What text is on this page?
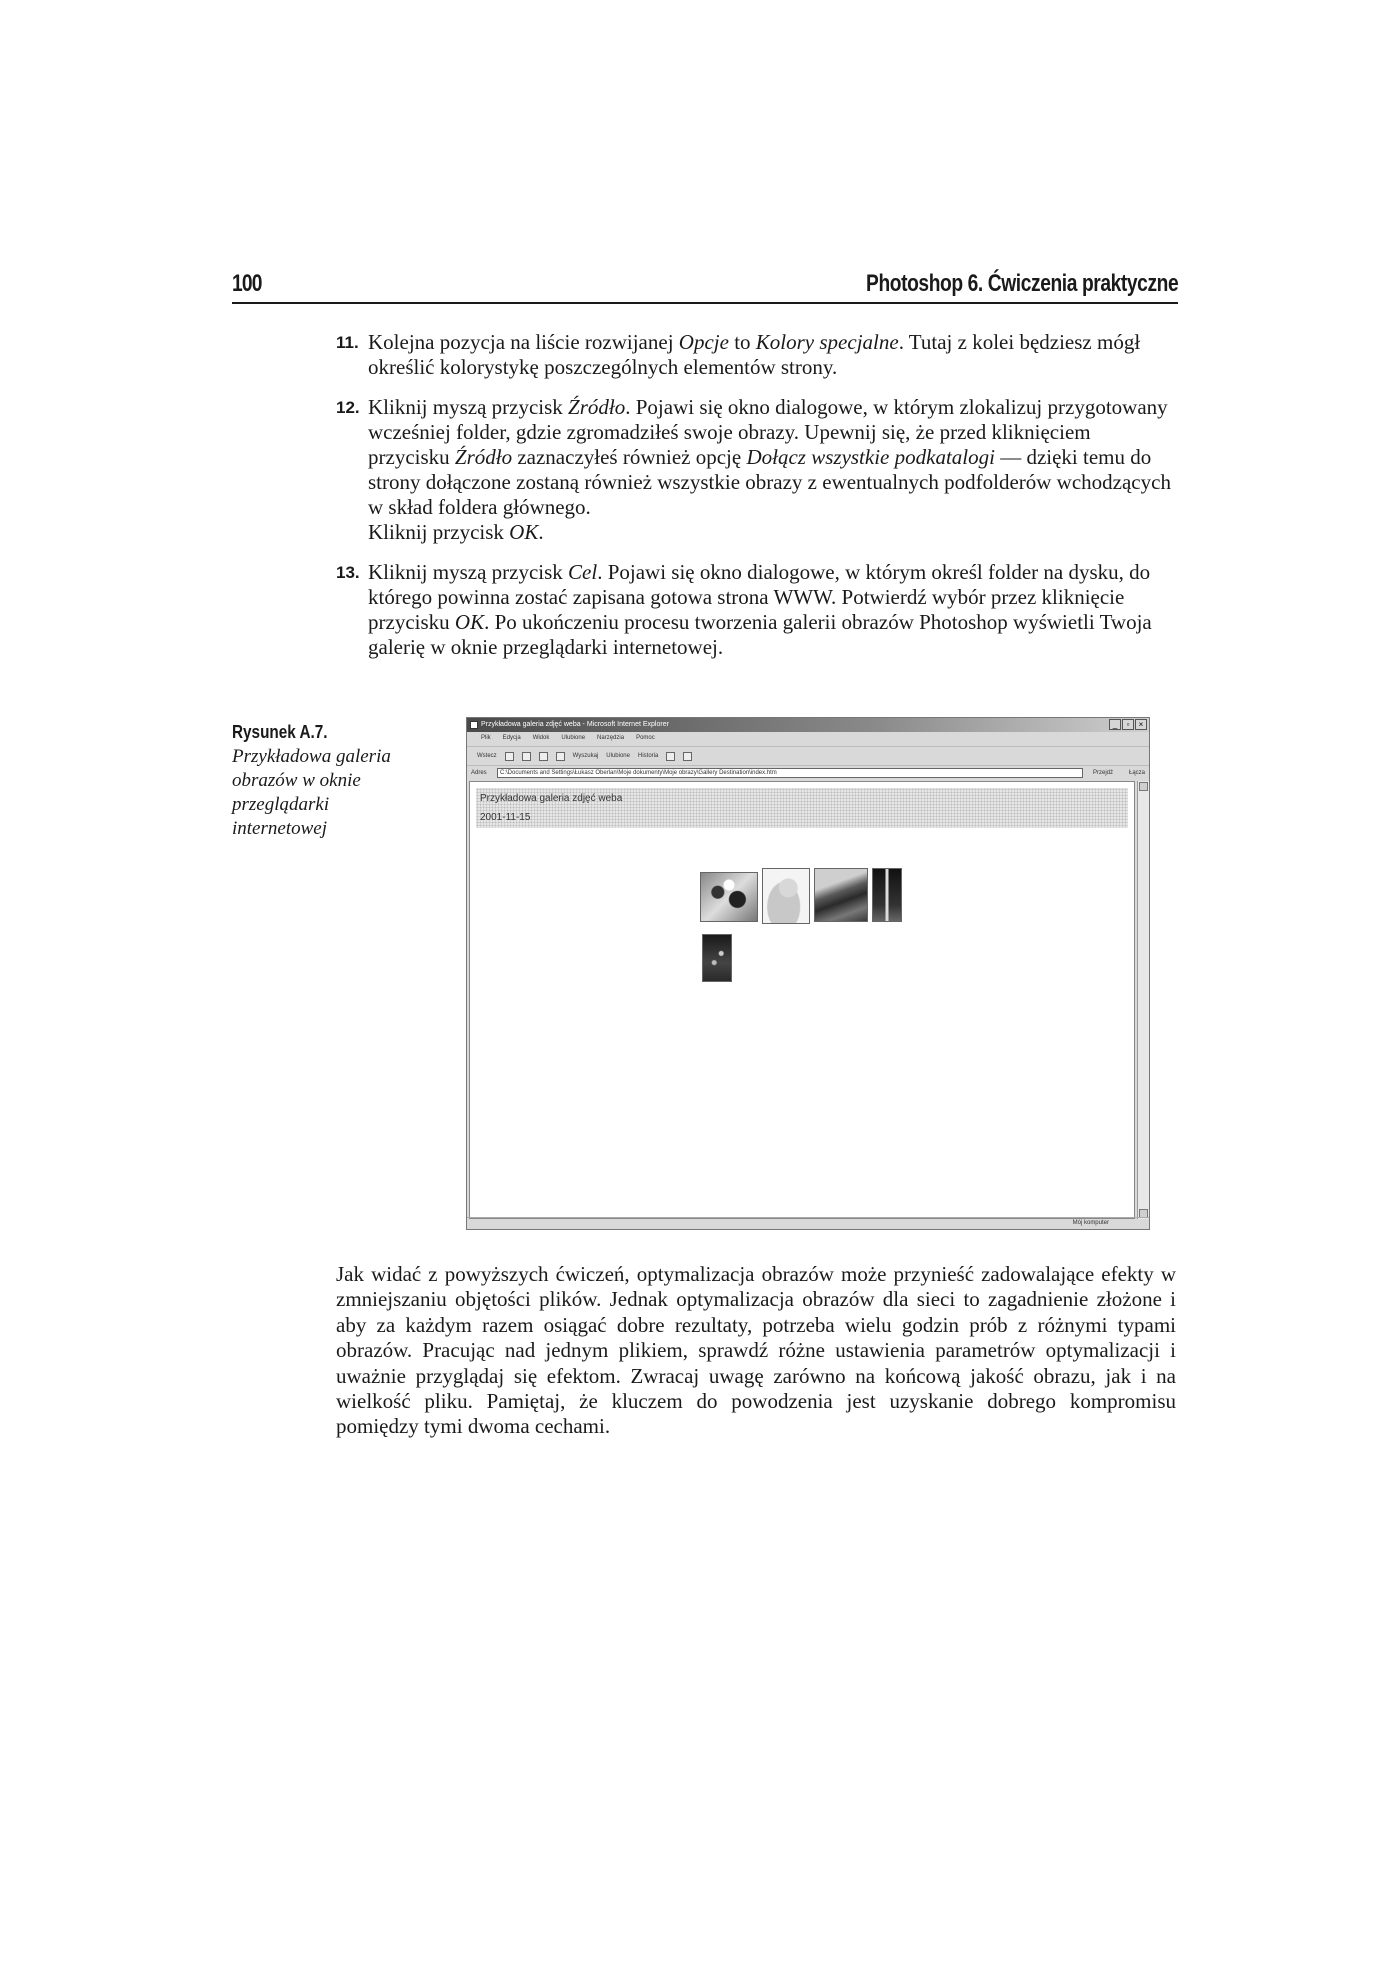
100	Photoshop 6. Ćwiczenia praktyczne
11. Kolejna pozycja na liście rozwijanej Opcje to Kolory specjalne. Tutaj z kolei będziesz mógł określić kolorystykę poszczególnych elementów strony.
12. Kliknij myszą przycisk Źródło. Pojawi się okno dialogowe, w którym zlokalizuj przygotowany wcześniej folder, gdzie zgromadziłeś swoje obrazy. Upewnij się, że przed kliknięciem przycisku Źródło zaznaczyłeś również opcję Dołącz wszystkie podkatalogi — dzięki temu do strony dołączone zostaną również wszystkie obrazy z ewentualnych podfolderów wchodzących w skład foldera głównego.
Kliknij przycisk OK.
13. Kliknij myszą przycisk Cel. Pojawi się okno dialogowe, w którym określ folder na dysku, do którego powinna zostać zapisana gotowa strona WWW. Potwierdź wybór przez kliknięcie przycisku OK. Po ukończeniu procesu tworzenia galerii obrazów Photoshop wyświetli Twoja galerię w oknie przeglądarki internetowej.
Rysunek A.7.
Przykładowa galeria obrazów w oknie przeglądarki internetowej
Przykładowa galeria zdjęć weba - Microsoft Internet Explorer	_	▫	×
Plik Edycja Widok Ulubione Narzędzia Pomoc
Wstecz	Wyszukaj Ulubione Historia
Adres	C:\Documents and Settings\Łukasz Oberlan\Moje dokumenty\Moje obrazy\Gallery Destination\index.htm	Przejdź	Łącza
Przykładowa galeria zdjęć weba
2001-11-15
Mój komputer

Jak widać z powyższych ćwiczeń, optymalizacja obrazów może przynieść zadowalające efekty w zmniejszaniu objętości plików. Jednak optymalizacja obrazów dla sieci to zagadnienie złożone i aby za każdym razem osiągać dobre rezultaty, potrzeba wielu godzin prób z różnymi typami obrazów. Pracując nad jednym plikiem, sprawdź różne ustawienia parametrów optymalizacji i uważnie przyglądaj się efektom. Zwracaj uwagę zarówno na końcową jakość obrazu, jak i na wielkość pliku. Pamiętaj, że kluczem do powodzenia jest uzyskanie dobrego kompromisu pomiędzy tymi dwoma cechami.
